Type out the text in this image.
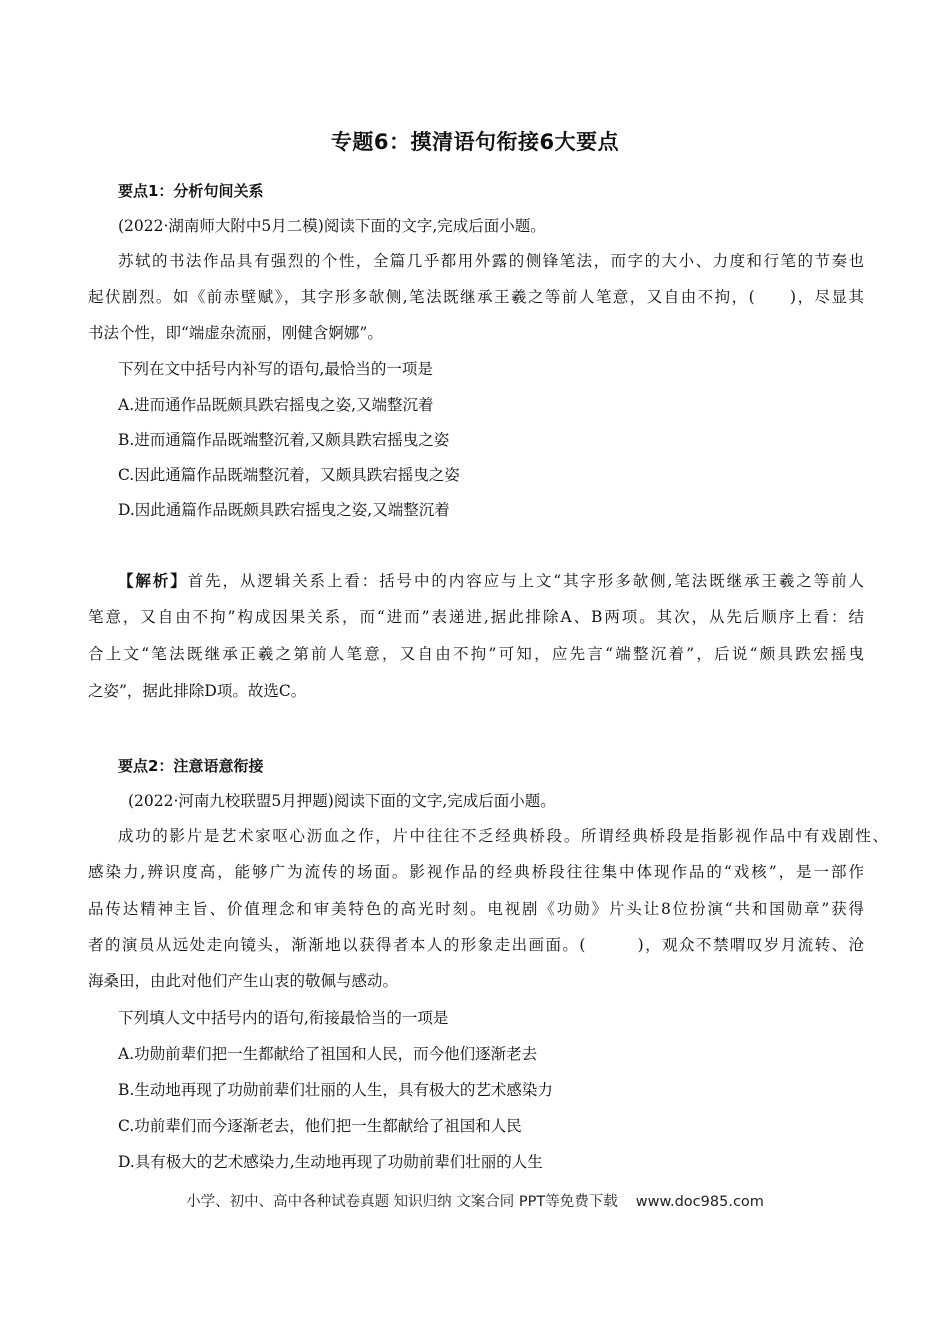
专题6：摸清语句衔接6大要点
要点1：分析句间关系
(2022·湖南师大附中5月二模)阅读下面的文字,完成后面小题。
苏轼的书法作品具有强烈的个性，全篇几乎都用外露的侧锋笔法，而字的大小、力度和行笔的节奏也
起伏剧烈。如《前赤壁赋》，其字形多欹侧,笔法既继承王羲之等前人笔意，又自由不拘，(　　)，尽显其
书法个性，即“端虚杂流丽，刚健含婀娜”。
下列在文中括号内补写的语句,最恰当的一项是
A.进而通作品既颇具跌宕摇曳之姿,又端整沉着
B.进而通篇作品既端整沉着,又颇具跌宕摇曳之姿
C.因此通篇作品既端整沉着，又颇具跌宕摇曳之姿
D.因此通篇作品既颇具跌宕摇曳之姿,又端整沉着
【解析】首先，从逻辑关系上看：括号中的内容应与上文“其字形多欹侧,笔法既继承王羲之等前人
笔意，又自由不拘”构成因果关系，而“进而”表递进,据此排除A、B两项。其次，从先后顺序上看：结
合上文“笔法既继承正羲之第前人笔意，又自由不拘”可知，应先言“端整沉着”，后说“颇具跌宏摇曳
之姿”，据此排除D项。故选C。
要点2：注意语意衔接
(2022·河南九校联盟5月押题)阅读下面的文字,完成后面小题。
成功的影片是艺术家呕心沥血之作，片中往往不乏经典桥段。所谓经典桥段是指影视作品中有戏剧性、
感染力,辨识度高，能够广为流传的场面。影视作品的经典桥段往往集中体现作品的“戏核”，是一部作
品传达精神主旨、价值理念和审美特色的高光时刻。电视剧《功勋》片头让8位扮演“共和国勋章”获得
者的演员从远处走向镜头，渐渐地以获得者本人的形象走出画面。(　　　)，观众不禁喟叹岁月流转、沧
海桑田，由此对他们产生山衷的敬佩与感动。
下列填人文中括号内的语句,衔接最恰当的一项是
A.功勋前辈们把一生都献给了祖国和人民，而今他们逐渐老去
B.生动地再现了功勋前辈们壮丽的人生，具有极大的艺术感染力
C.功前辈们而今逐渐老去，他们把一生都献给了祖国和人民
D.具有极大的艺术感染力,生动地再现了功勋前辈们壮丽的人生
小学、初中、高中各种试卷真题 知识归纳 文案合同 PPT等免费下载 www.doc985.com
